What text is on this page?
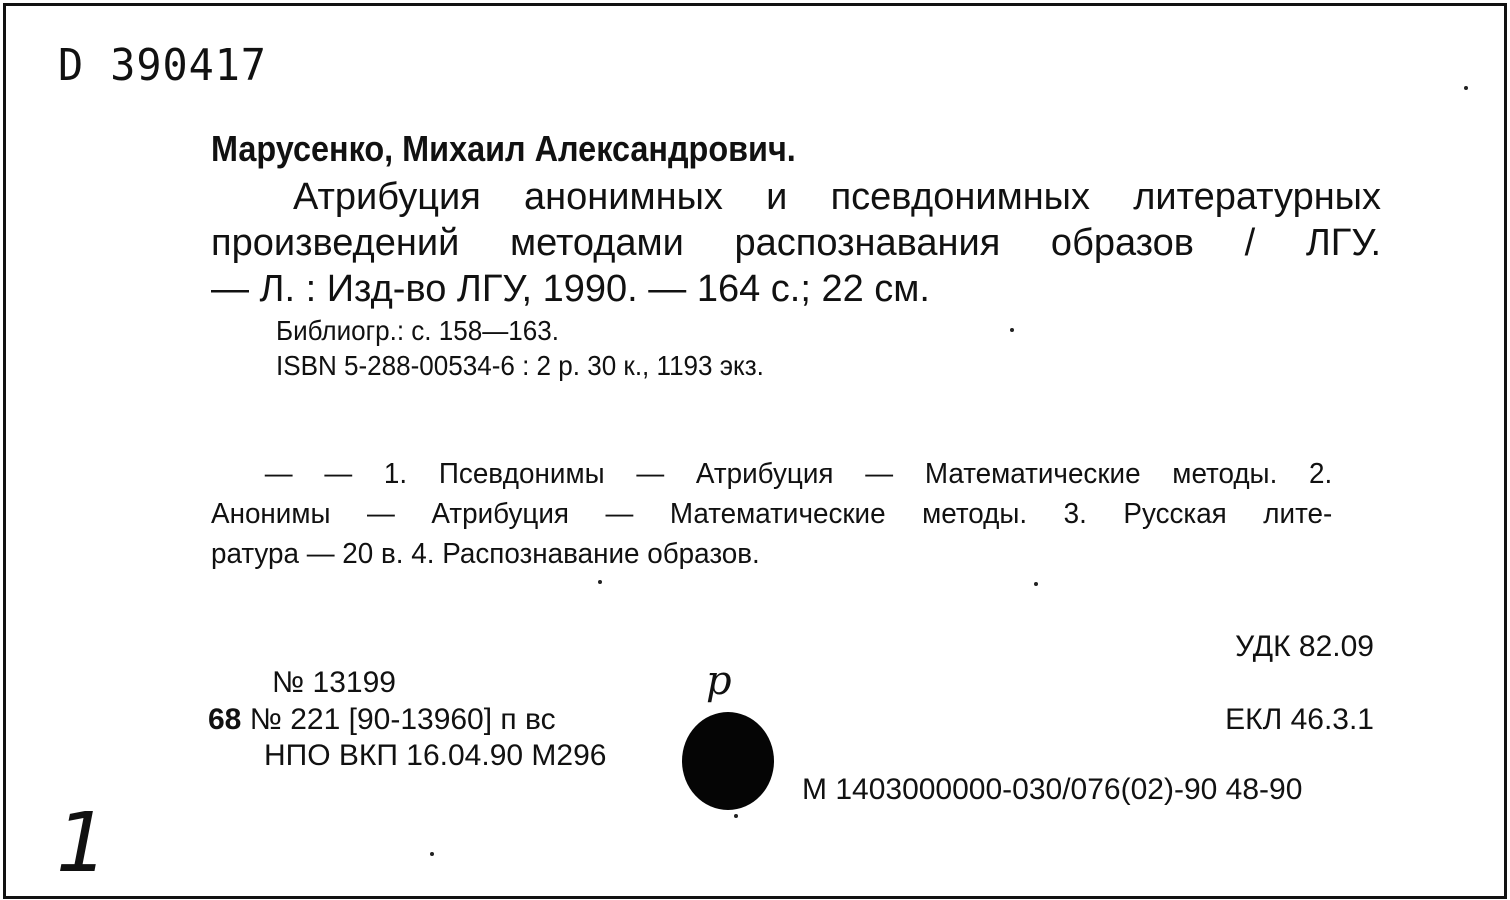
D 390417
Марусенко, Михаил Александрович.
Атрибуция анонимных и псевдонимных литературных
произведений методами распознавания образов / ЛГУ.
— Л. : Изд-во ЛГУ, 1990. — 164 с.; 22 см.
Библиогр.: с. 158—163.
ISBN 5-288-00534-6 : 2 р. 30 к., 1193 экз.
— — 1. Псевдонимы — Атрибуция — Математические методы. 2.
Анонимы — Атрибуция — Математические методы. 3. Русская лите-
ратура — 20 в. 4. Распознавание образов.
УДК 82.09
ЕКЛ 46.3.1
М 1403000000-030/076(02)-90 48-90
№ 13199
68 № 221 [90-13960] п вс
НПО ВКП 16.04.90 М296
р
1
